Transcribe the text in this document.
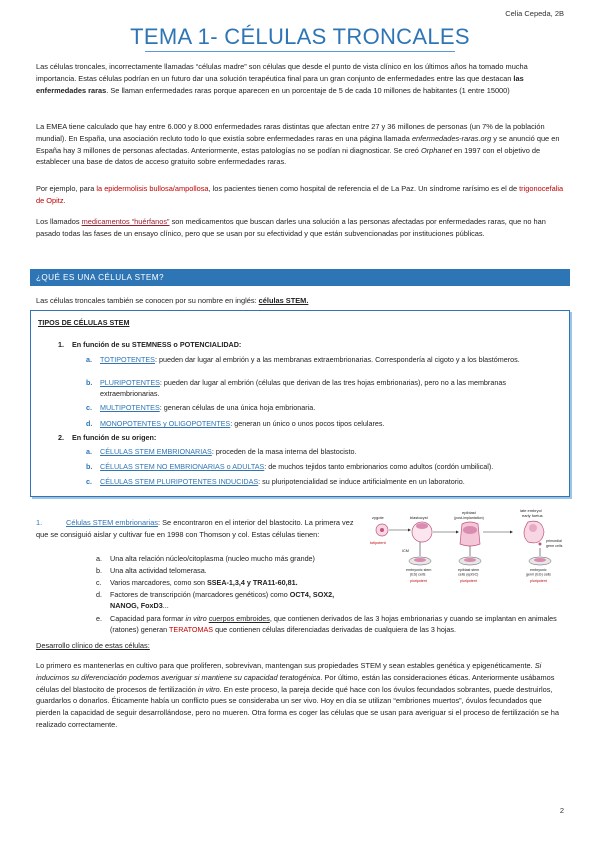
Celia Cepeda, 2B
TEMA 1- CÉLULAS TRONCALES

Las células troncales, incorrectamente llamadas “células madre” son células que desde el punto de vista clínico en los últimos años ha tomado mucha importancia. Estas células podrían en un futuro dar una solución terapéutica final para un gran conjunto de enfermedades entre las que destacan las enfermedades raras. Se llaman enfermedades raras porque aparecen en un porcentaje de 5 de cada 10 millones de habitantes (1 entre 15000)

La EMEA tiene calculado que hay entre 6.000 y 8.000 enfermedades raras distintas que afectan entre 27 y 36 millones de personas (un 7% de la población mundial). En España, una asociación recluto todo lo que existía sobre enfermedades raras en una página llamada enfermedades-raras.org y se anunció que en España hay 3 millones de personas afectadas. Anteriormente, estas patologías no se podían ni diagnosticar. Se creó Orphanet en 1997 con el objetivo de establecer una base de datos de acceso gratuito sobre enfermedades raras.

Por ejemplo, para la epidermolisis bullosa/ampollosa, los pacientes tienen como hospital de referencia el de La Paz. Un síndrome rarísimo es el de trigonocefalia de Opitz.

Los llamados medicamentos “huérfanos” son medicamentos que buscan darles una solución a las personas afectadas por enfermedades raras, que no han pasado todas las fases de un ensayo clínico, pero que se usan por su efectividad y que están subvencionadas por instituciones públicas.

¿QUÉ ES UNA CÉLULA STEM?

Las células troncales también se conocen por su nombre en inglés: células STEM.

TIPOS DE CÉLULAS STEM
1. En función de su STEMNESS o POTENCIALIDAD:
a.	TOTIPOTENTES: pueden dar lugar al embrión y a las membranas extraembrionarias. Correspondería al cigoto y a los blastómeros.
b.	PLURIPOTENTES: pueden dar lugar al embrión (células que derivan de las tres hojas embrionarias), pero no a las membranas extraembrionarias.
c.	MULTIPOTENTES: generan células de una única hoja embrionaria.
d.	MONOPOTENTES y OLIGOPOTENTES: generan un único o unos pocos tipos celulares.
2. En función de su origen:
a.	CÉLULAS STEM EMBRIONARIAS: proceden de la masa interna del blastocisto.
b.	CÉLULAS STEM NO EMBRIONARIAS o ADULTAS: de muchos tejidos tanto embrionarios como adultos (cordón umbilical).
c.	CÉLULAS STEM PLURIPOTENTES INDUCIDAS: su pluripotencialidad se induce artificialmente en un laboratorio.

1.	Células STEM embrionarias: Se encontraron en el interior del blastocito. La primera vez que se consiguió aislar y cultivar fue en 1998 con Thomson y col. Estas células tienen:

a.	Una alta relación núcleo/citoplasma (nucleo mucho más grande)
b.	Una alta actividad telomerasa.
c.	Varios marcadores, como son SSEA-1,3,4 y TRA11-60,81.
d.	Factores de transcripción (marcadores genéticos) como OCT4, SOX2, NANOG, FoxD3...
e.	Capacidad para formar in vitro cuerpos embroides, que contienen derivados de las 3 hojas embrionarias y cuando se implantan en animales (ratones) generan TERATOMAS que contienen células diferenciadas derivadas de cualquiera de las 3 hojas.
zygote	blastocyst
epiblast
(post-implantation)
late embryo/
early foetus
totipotent
ICM
primordial
germ cells
embryonic stem
(ES) cells
epiblast stem
cells (epiSC)
embryonic
germ (EG) cells
pluripotent	pluripotent	pluripotent
Desarrollo clínico de estas células:

Lo primero es mantenerlas en cultivo para que proliferen, sobrevivan, mantengan sus propiedades STEM y sean estables genética y epigenéticamente. Si inducimos su diferenciación podemos averiguar si mantiene su capacidad teratogénica. Por último, están las consideraciones éticas. Anteriormente usábamos células del blastocito de procesos de fertilización in vitro. En este proceso, la pareja decide qué hace con los óvulos fecundados sobrantes, puede destruirlos, guardarlos o donarlos. Éticamente había un conflicto pues se consideraba un ser vivo. Hoy en día se utilizan “embriones muertos”, óvulos fecundados que pierden la capacidad de seguir desarrollándose, pero no mueren. Otra forma es coger las células que se usan para averiguar si el proceso de fertilización se ha realizado correctamente.

2
